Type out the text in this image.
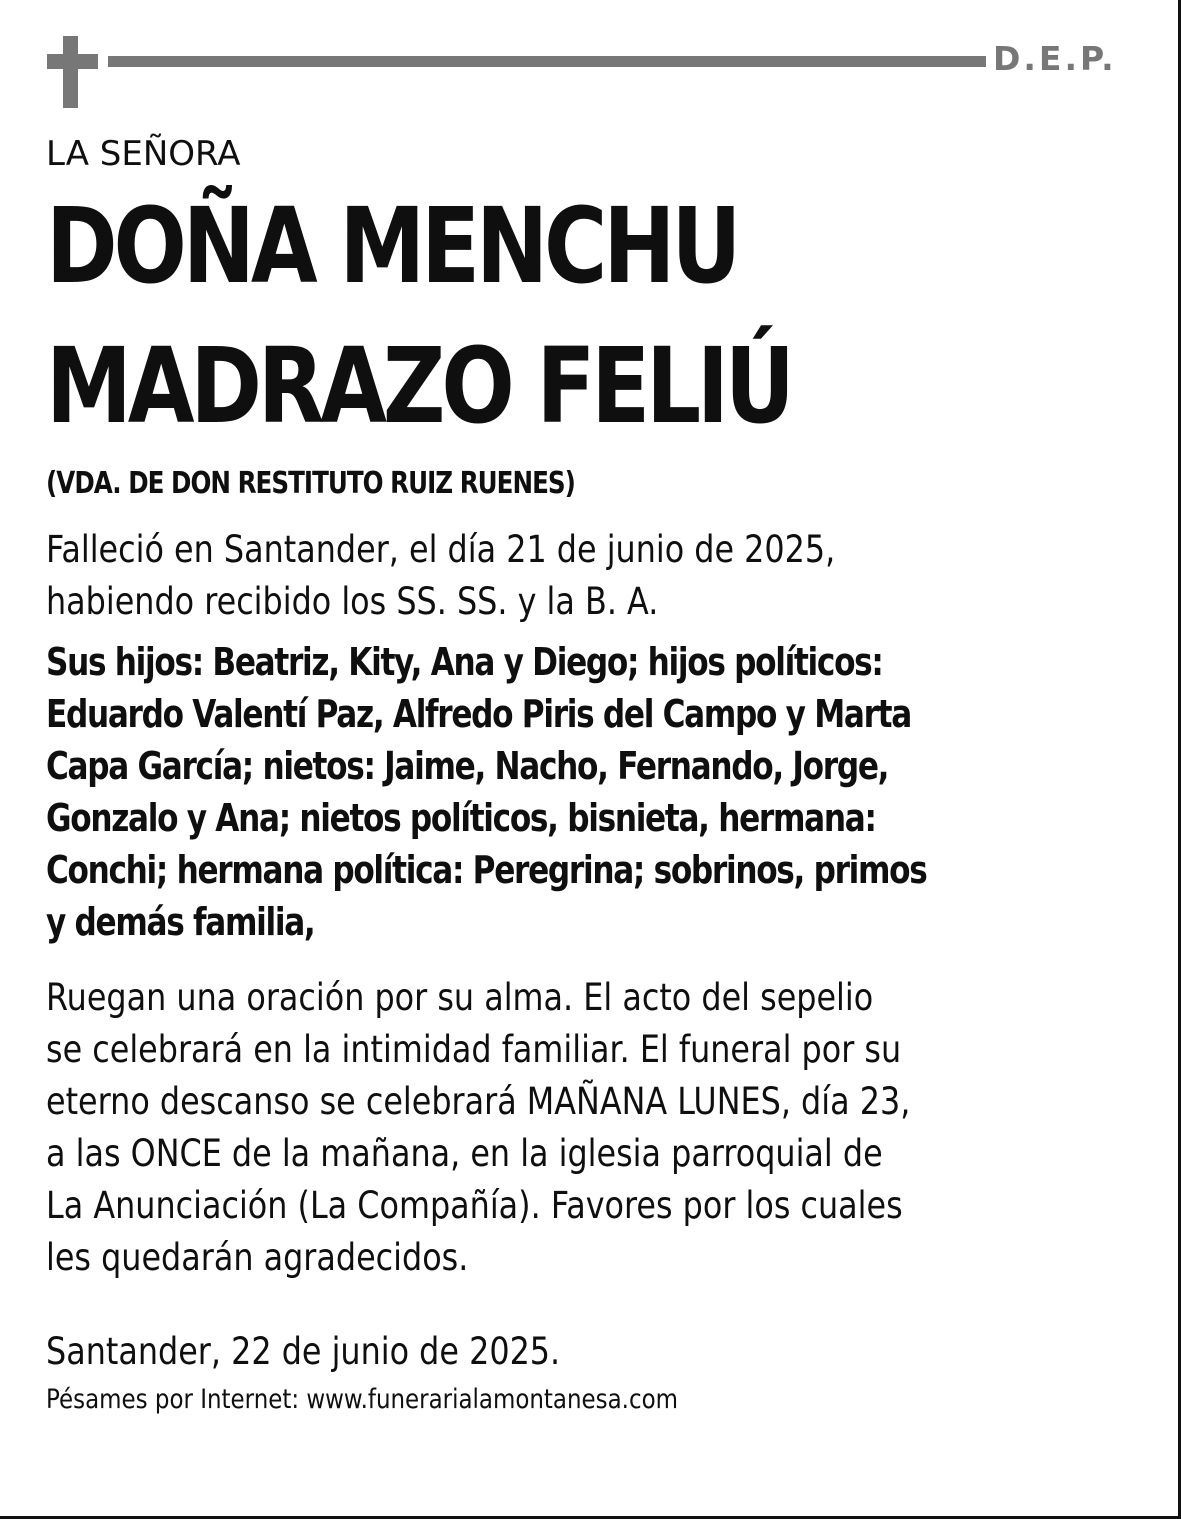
D.E.P.
LA SEÑORA
DOÑA MENCHU
MADRAZO FELIÚ
(VDA. DE DON RESTITUTO RUIZ RUENES)
Falleció en Santander, el día 21 de junio de 2025,
habiendo recibido los SS. SS. y la B. A.
Sus hijos: Beatriz, Kity, Ana y Diego; hijos políticos:
Eduardo Valentí Paz, Alfredo Piris del Campo y Marta
Capa García; nietos: Jaime, Nacho, Fernando, Jorge,
Gonzalo y Ana; nietos políticos, bisnieta, hermana:
Conchi; hermana política: Peregrina; sobrinos, primos
y demás familia,
Ruegan una oración por su alma. El acto del sepelio
se celebrará en la intimidad familiar. El funeral por su
eterno descanso se celebrará MAÑANA LUNES, día 23,
a las ONCE de la mañana, en la iglesia parroquial de
La Anunciación (La Compañía). Favores por los cuales
les quedarán agradecidos.
Santander, 22 de junio de 2025.
Pésames por Internet: www.funerarialamontanesa.com
